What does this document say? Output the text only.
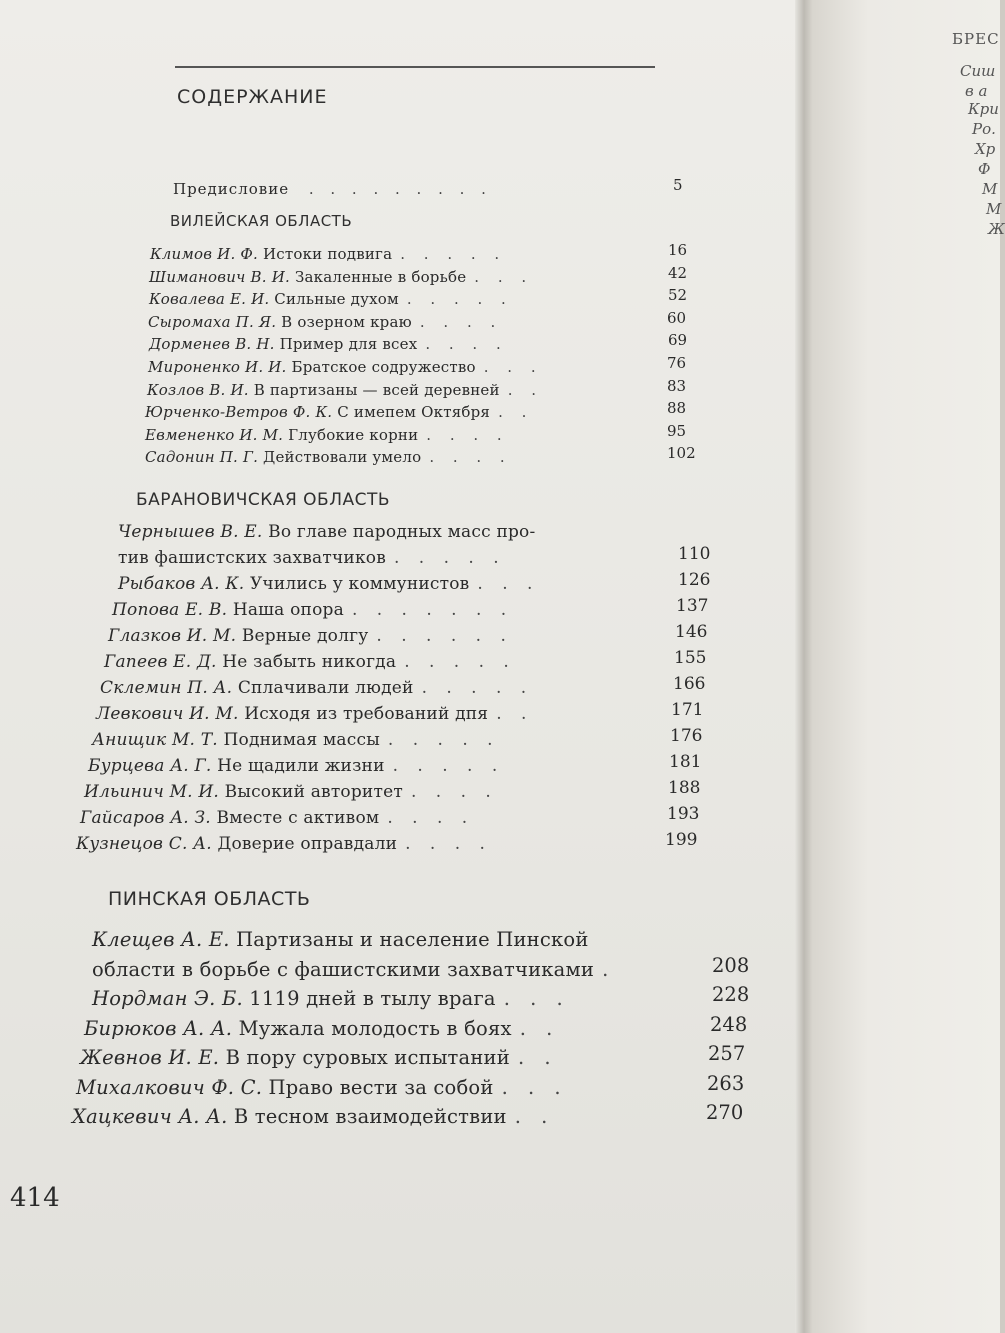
СОДЕРЖАНИЕ
Предисловие . . . . . . . . .	5
ВИЛЕЙСКАЯ ОБЛАСТЬ
Климов И. Ф. Истоки подвига . . . . .	16
Шиманович В. И. Закаленные в борьбе . . .	42
Ковалева Е. И. Сильные духом . . . . .	52
Сыромаха П. Я. В озерном краю . . . .	60
Дорменев В. Н. Пример для всех . . . .	69
Мироненко И. И. Братское содружество . . .	76
Козлов В. И. В партизаны — всей деревней . .	83
Юрченко-Ветров Ф. К. С имепем Октября . .	88
Евмененко И. М. Глубокие корни . . . .	95
Садонин П. Г. Действовали умело . . . .	102
БАРАНОВИЧСКАЯ ОБЛАСТЬ
Чернышев В. Е. Во главе пародных масс про-
тив фашистских захватчиков . . . . .	110
Рыбаков А. К. Учились у коммунистов . . .	126
Попова Е. В. Наша опора . . . . . . .	137
Глазков И. М. Верные долгу . . . . . .	146
Гапеев Е. Д. Не забыть никогда . . . . .	155
Склемин П. А. Сплачивали людей . . . . .	166
Левкович И. М. Исходя из требований дпя . .	171
Анищик М. Т. Поднимая массы . . . . .	176
Бурцева А. Г. Не щадили жизни . . . . .	181
Ильинич М. И. Высокий авторитет . . . .	188
Гайсаров А. З. Вместе с активом . . . .	193
Кузнецов С. А. Доверие оправдали . . . .	199
ПИНСКАЯ ОБЛАСТЬ
Клещев А. Е. Партизаны и население Пинской
области в борьбе с фашистскими захватчиками .	208
Нордман Э. Б. 1119 дней в тылу врага . . .	228
Бирюков А. А. Мужала молодость в боях . .	248
Жевнов И. Е. В пору суровых испытаний . .	257
Михалкович Ф. С. Право вести за собой . . .	263
Хацкевич А. А. В тесном взаимодействии . .	270
414
БРЕС
Сиш
в а
Кри
Ро.
Хр
Ф
М
М
Ж
